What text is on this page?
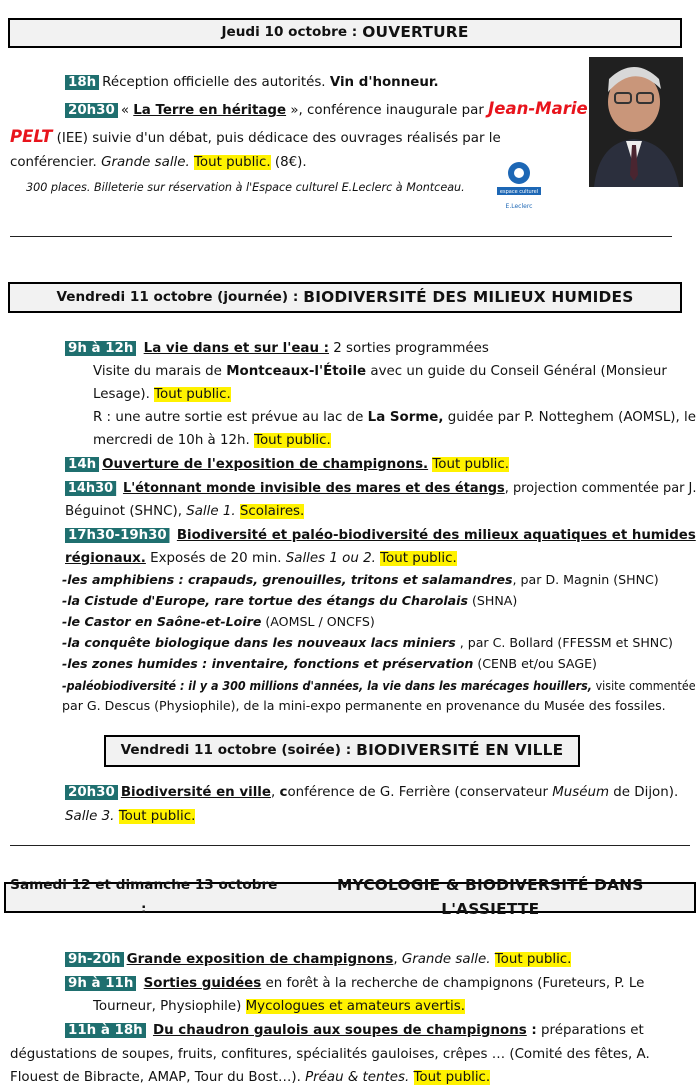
Jeudi 10 octobre : OUVERTURE
18h Réception officielle des autorités. Vin d'honneur.
20h30 « La Terre en héritage », conférence inaugurale par Jean-Marie
PELT (IEE) suivie d'un débat, puis dédicace des ouvrages réalisés par le
conférencier. Grande salle. Tout public. (8€).
300 places. Billeterie sur réservation à l'Espace culturel E.Leclerc à Montceau.	espace culturel
E.Leclerc
Vendredi 11 octobre (journée) : BIODIVERSITÉ DES MILIEUX HUMIDES
9h à 12h La vie dans et sur l'eau : 2 sorties programmées
Visite du marais de Montceaux-l'Étoile avec un guide du Conseil Général (Monsieur
Lesage). Tout public.
R : une autre sortie est prévue au lac de La Sorme, guidée par P. Notteghem (AOMSL), le
mercredi de 10h à 12h. Tout public.
14h Ouverture de l'exposition de champignons. Tout public.
14h30 L'étonnant monde invisible des mares et des étangs, projection commentée par J.
Béguinot (SHNC), Salle 1. Scolaires.
17h30-19h30 Biodiversité et paléo-biodiversité des milieux aquatiques et humides
régionaux. Exposés de 20 min. Salles 1 ou 2. Tout public.
-les amphibiens : crapauds, grenouilles, tritons et salamandres, par D. Magnin (SHNC)
-la Cistude d'Europe, rare tortue des étangs du Charolais (SHNA)
-le Castor en Saône-et-Loire (AOMSL / ONCFS)
-la conquête biologique dans les nouveaux lacs miniers , par C. Bollard (FFESSM et SHNC)
-les zones humides : inventaire, fonctions et préservation (CENB et/ou SAGE)
-paléobiodiversité : il y a 300 millions d'années, la vie dans les marécages houillers, visite commentée
par G. Descus (Physiophile), de la mini-expo permanente en provenance du Musée des fossiles.
Vendredi 11 octobre (soirée) : BIODIVERSITÉ EN VILLE
20h30 Biodiversité en ville, conférence de G. Ferrière (conservateur Muséum de Dijon).
Salle 3. Tout public.
Samedi 12 et dimanche 13 octobre :
MYCOLOGIE & BIODIVERSITÉ DANS L'ASSIETTE
9h-20h Grande exposition de champignons, Grande salle. Tout public.
9h à 11h Sorties guidées en forêt à la recherche de champignons (Fureteurs, P. Le
Tourneur, Physiophile) Mycologues et amateurs avertis.
11h à 18h Du chaudron gaulois aux soupes de champignons : préparations et
dégustations de soupes, fruits, confitures, spécialités gauloises, crêpes … (Comité des fêtes, A.
Flouest de Bibracte, AMAP, Tour du Bost…). Préau & tentes. Tout public.
